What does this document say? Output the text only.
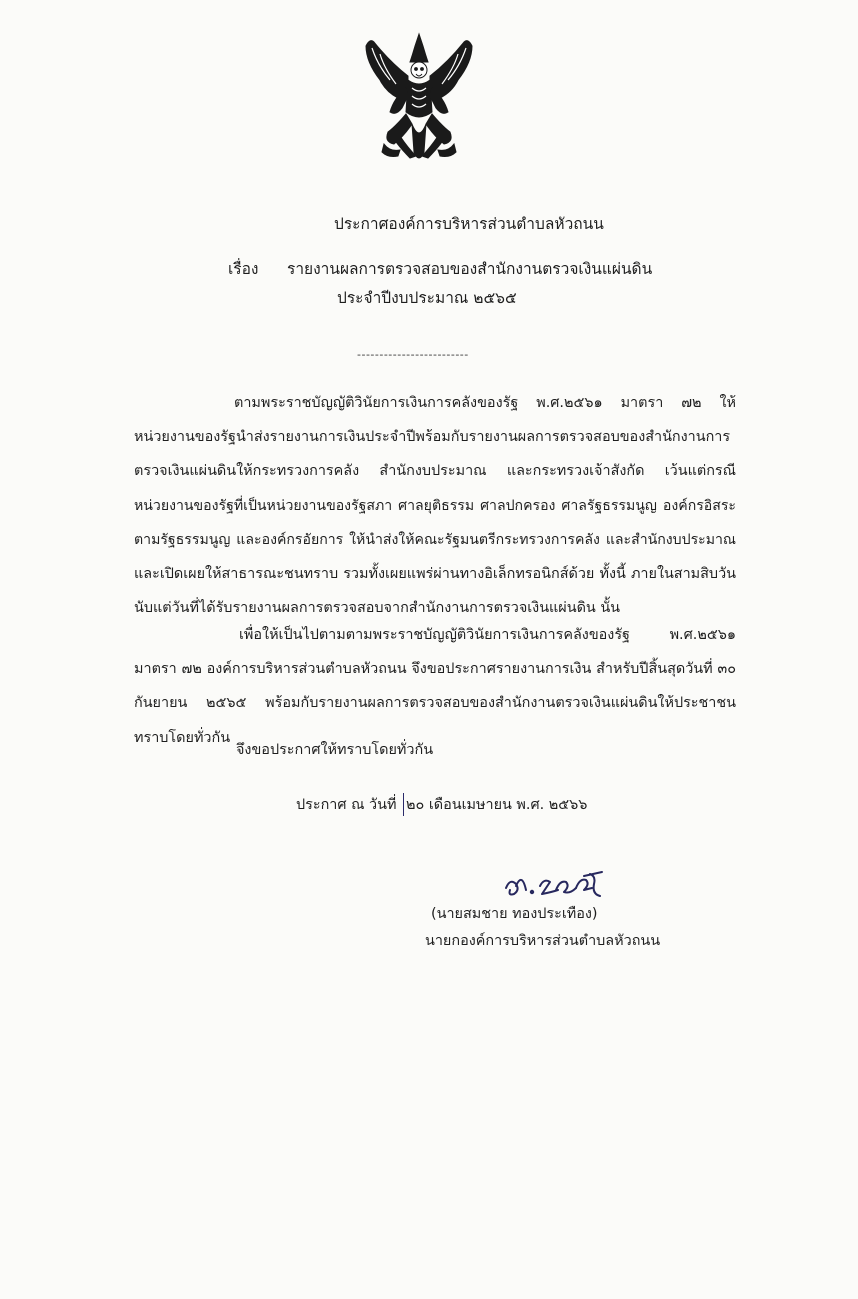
ประกาศองค์การบริหารส่วนตำบลหัวถนน
เรื่อง รายงานผลการตรวจสอบของสำนักงานตรวจเงินแผ่นดิน
ประจำปีงบประมาณ ๒๕๖๕
-------------------------
ตามพระราชบัญญัติวินัยการเงินการคลังของรัฐ พ.ศ.๒๕๖๑ มาตรา ๗๒ ให้
หน่วยงานของรัฐนำส่งรายงานการเงินประจำปีพร้อมกับรายงานผลการตรวจสอบของสำนักงานการ
ตรวจเงินแผ่นดินให้กระทรวงการคลัง สำนักงบประมาณ และกระทรวงเจ้าสังกัด เว้นแต่กรณี
หน่วยงานของรัฐที่เป็นหน่วยงานของรัฐสภา ศาลยุติธรรม ศาลปกครอง ศาลรัฐธรรมนูญ องค์กรอิสระ
ตามรัฐธรรมนูญ และองค์กรอัยการ ให้นำส่งให้คณะรัฐมนตรีกระทรวงการคลัง และสำนักงบประมาณ
และเปิดเผยให้สาธารณะชนทราบ รวมทั้งเผยแพร่ผ่านทางอิเล็กทรอนิกส์ด้วย ทั้งนี้ ภายในสามสิบวัน
นับแต่วันที่ได้รับรายงานผลการตรวจสอบจากสำนักงานการตรวจเงินแผ่นดิน นั้น
เพื่อให้เป็นไปตามตามพระราชบัญญัติวินัยการเงินการคลังของรัฐ พ.ศ.๒๕๖๑
มาตรา ๗๒ องค์การบริหารส่วนตำบลหัวถนน จึงขอประกาศรายงานการเงิน สำหรับปีสิ้นสุดวันที่ ๓๐
กันยายน ๒๕๖๕ พร้อมกับรายงานผลการตรวจสอบของสำนักงานตรวจเงินแผ่นดินให้ประชาชน
ทราบโดยทั่วกัน
จึงขอประกาศให้ทราบโดยทั่วกัน
ประกาศ ณ วันที่ ๒๐ เดือนเมษายน พ.ศ. ๒๕๖๖
(นายสมชาย ทองประเทือง)
นายกองค์การบริหารส่วนตำบลหัวถนน
